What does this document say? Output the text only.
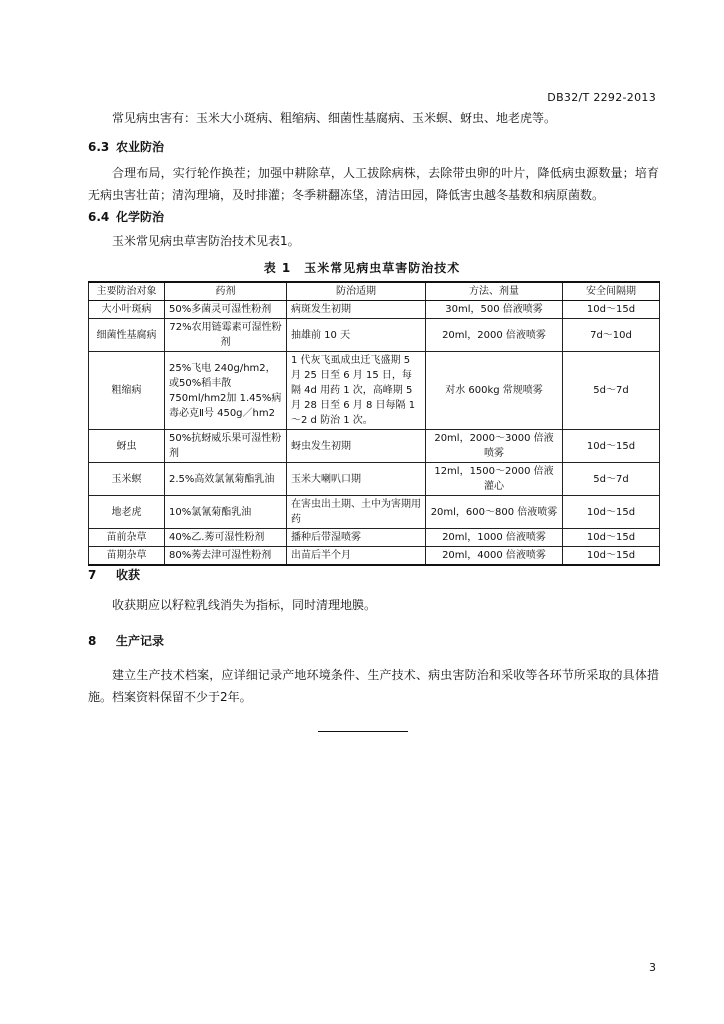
DB32/T 2292-2013

常见病虫害有：玉米大小斑病、粗缩病、细菌性基腐病、玉米螟、蚜虫、地老虎等。

6.3 农业防治

合理布局，实行轮作换茬；加强中耕除草，人工拔除病株，去除带虫卵的叶片，降低病虫源数量；培育无病虫害壮苗；清沟理墒，及时排灌；冬季耕翻冻垡，清洁田园，降低害虫越冬基数和病原菌数。

6.4 化学防治

玉米常见病虫草害防治技术见表1。

表 1　玉米常见病虫草害防治技术
主要防治对象	药剂	防治适期	方法、剂量	安全间隔期
大小叶斑病	50%多菌灵可湿性粉剂	病斑发生初期	30ml，500 倍液喷雾	10d～15d
细菌性基腐病	72%农用链霉素可湿性粉剂	抽雄前 10 天	20ml，2000 倍液喷雾	7d～10d
粗缩病	25%飞电 240g/hm2，或50%稻丰散 750ml/hm2加 1.45%病毒必克Ⅱ号 450g／hm2	1 代灰飞虱成虫迁飞盛期 5 月 25 日至 6 月 15 日，每隔 4d 用药 1 次，高峰期 5 月 28 日至 6 月 8 日每隔 1～2 d 防治 1 次。	对水 600kg 常规喷雾	5d～7d
蚜虫	50%抗蚜威乐果可湿性粉剂	蚜虫发生初期	20ml，2000～3000 倍液喷雾	10d～15d
玉米螟	2.5%高效氯氰菊酯乳油	玉米大喇叭口期	12ml，1500～2000 倍液灌心	5d～7d
地老虎	10%氯氰菊酯乳油	在害虫出土期、土中为害期用药	20ml，600～800 倍液喷雾	10d～15d
苗前杂草	40%乙.莠可湿性粉剂	播种后带湿喷雾	20ml，1000 倍液喷雾	10d～15d
苗期杂草	80%莠去津可湿性粉剂	出苗后半个月	20ml，4000 倍液喷雾	10d～15d
7 收获

收获期应以籽粒乳线消失为指标，同时清理地膜。

8 生产记录

建立生产技术档案，应详细记录产地环境条件、生产技术、病虫害防治和采收等各环节所采取的具体措施。档案资料保留不少于2年。

3
